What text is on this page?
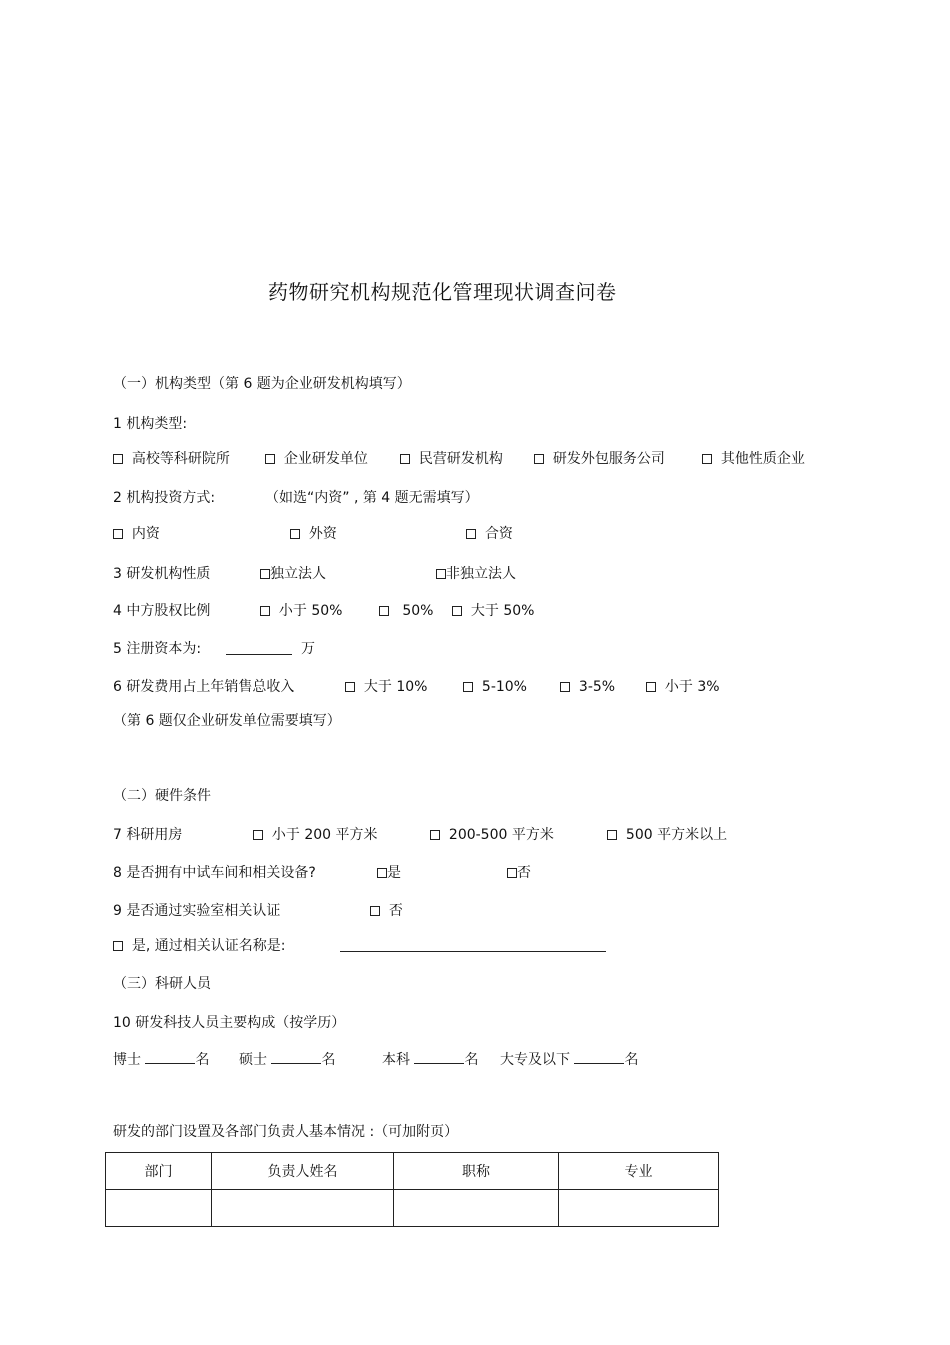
药物研究机构规范化管理现状调查问卷
（一）机构类型（第 6 题为企业研发机构填写）
1 机构类型:
高校等科研院所	企业研发单位	民营研发机构	研发外包服务公司	其他性质企业
2 机构投资方式:	（如选“内资” , 第 4 题无需填写）
内资	外资	合资
3 研发机构性质	独立法人	非独立法人
4 中方股权比例	小于 50%	50%	大于 50%
5 注册资本为:	万
6 研发费用占上年销售总收入	大于 10%	5-10%	3-5%	小于 3%
（第 6 题仅企业研发单位需要填写）
（二）硬件条件
7 科研用房	小于 200 平方米	200-500 平方米	500 平方米以上
8 是否拥有中试车间和相关设备?	是	否
9 是否通过实验室相关认证	否
是, 通过相关认证名称是:
（三）科研人员
10 研发科技人员主要构成（按学历）
博士	名 硕士	名	本科	名 大专及以下	名
研发的部门设置及各部门负责人基本情况 :（可加附页）
部门	负责人姓名	职称	专业
